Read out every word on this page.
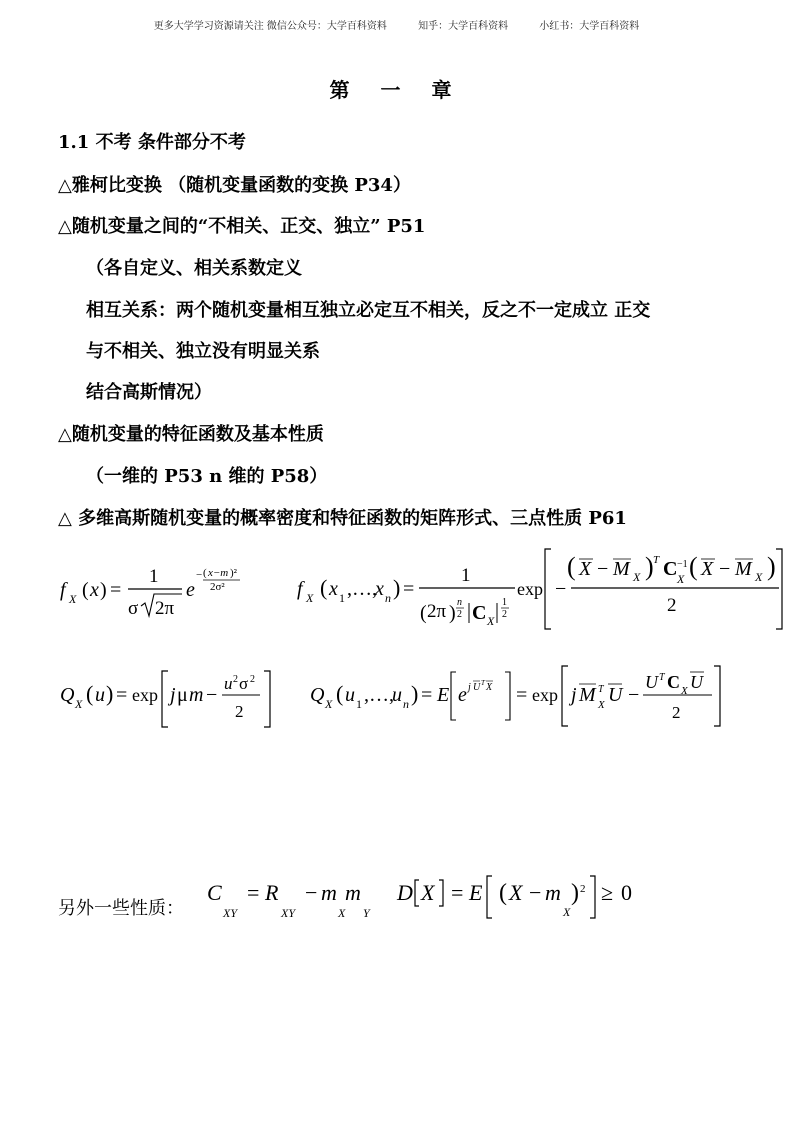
更多大学学习资源请关注 微信公众号：大学百科资料	知乎：大学百科资料	小红书：大学百科资料
第 一 章
1.1 不考 条件部分不考
△雅柯比变换 （随机变量函数的变换 P34）
△随机变量之间的“不相关、正交、独立” P51
（各自定义、相关系数定义
相互关系：两个随机变量相互独立必定互不相关，反之不一定成立 正交
与不相关、独立没有明显关系
结合高斯情况）
△随机变量的特征函数及基本性质
（一维的 P53 n 维的 P58）
△ 多维高斯随机变量的概率密度和特征函数的矩阵形式、三点性质 P61
f X ( x ) =
1
σ 2π
e
− ( x−m )²
2σ²	f X ( x 1 ,…,
x n ) =
1
( 2π ) n
2 C X
1
2
exp −
( X − M X ) T C −1
X ( X − M X )
2
Q X ( u ) = exp j μ m −
u 2 σ 2
2
Q X ( u 1 ,…,
u n ) = E e j U T X = exp j M T
X U −
U T C X U
2
另外一些性质：
C
XY
= R
XY
− m
X
m
Y
D X = E ( X − m
X
) 2 ≥ 0
